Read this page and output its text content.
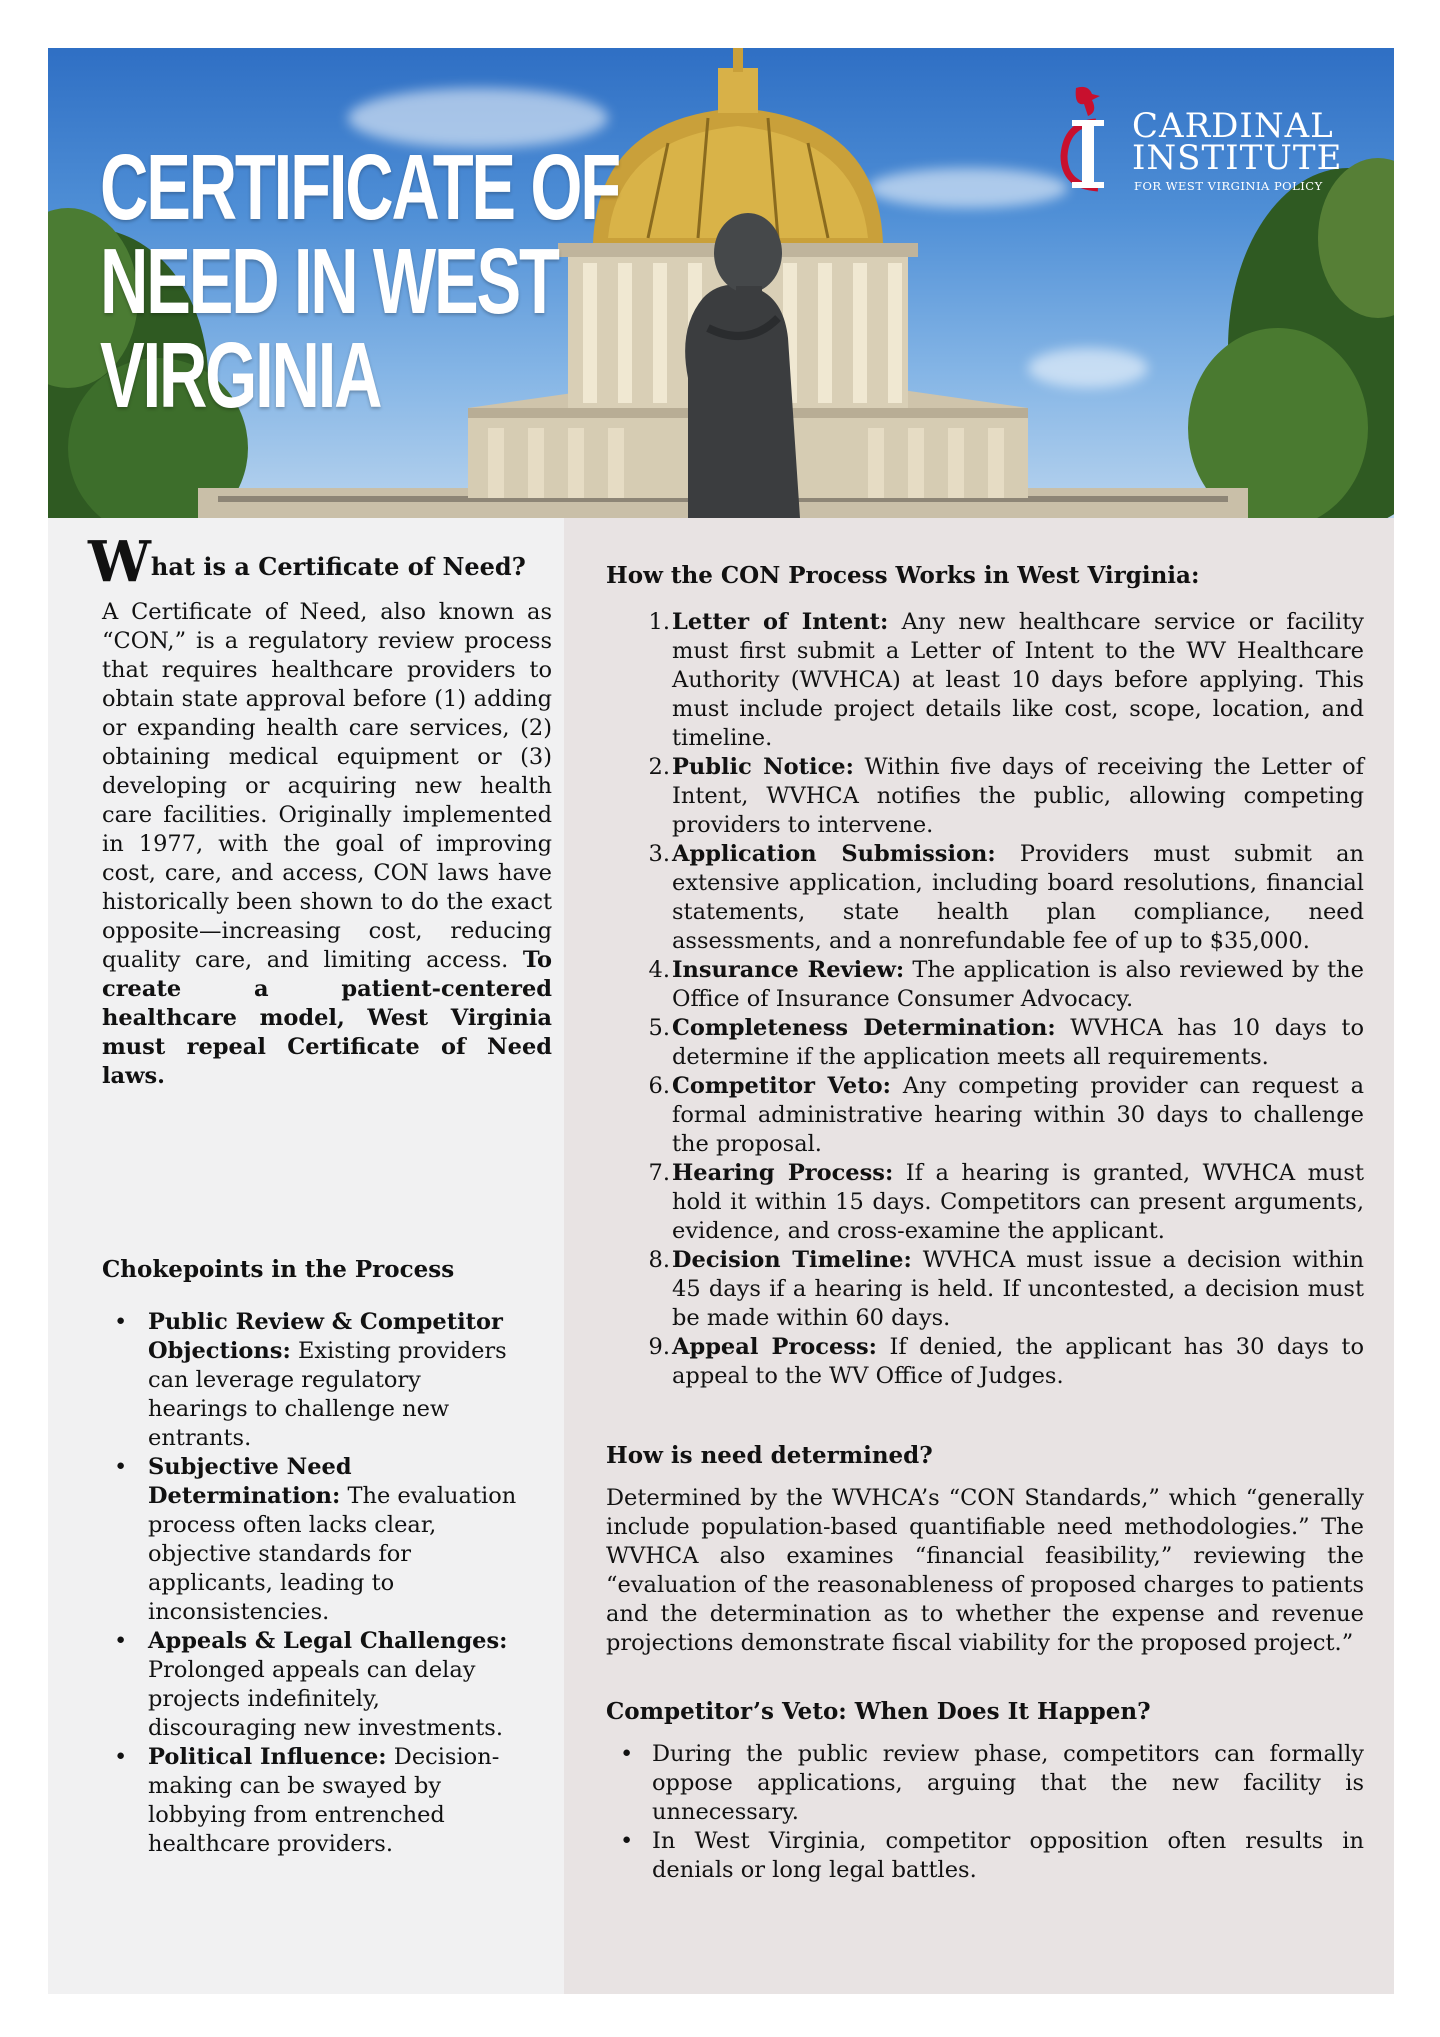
CERTIFICATE OF NEED IN WEST VIRGINIA
CARDINAL
INSTITUTE
FOR WEST VIRGINIA POLICY
What is a Certificate of Need?

A Certificate of Need, also known as “CON,” is a regulatory review process that requires healthcare providers to obtain state approval before (1) adding or expanding health care services, (2) obtaining medical equipment or (3) developing or acquiring new health care facilities. Originally implemented in 1977, with the goal of improving cost, care, and access, CON laws have historically been shown to do the exact opposite—increasing cost, reducing quality care, and limiting access. To create a patient-centered healthcare model, West Virginia must repeal Certificate of Need laws.

Chokepoints in the Process
• Public Review & Competitor Objections: Existing providers can leverage regulatory hearings to challenge new entrants.
• Subjective Need Determination: The evaluation process often lacks clear, objective standards for applicants, leading to inconsistencies.
• Appeals & Legal Challenges: Prolonged appeals can delay projects indefinitely, discouraging new investments.
• Political Influence: Decision-making can be swayed by lobbying from entrenched healthcare providers.
How the CON Process Works in West Virginia:
1. Letter of Intent: Any new healthcare service or facility must first submit a Letter of Intent to the WV Healthcare Authority (WVHCA) at least 10 days before applying. This must include project details like cost, scope, location, and timeline.
2. Public Notice: Within five days of receiving the Letter of Intent, WVHCA notifies the public, allowing competing providers to intervene.
3. Application Submission: Providers must submit an extensive application, including board resolutions, financial statements, state health plan compliance, need assessments, and a nonrefundable fee of up to $35,000.
4. Insurance Review: The application is also reviewed by the Office of Insurance Consumer Advocacy.
5. Completeness Determination: WVHCA has 10 days to determine if the application meets all requirements.
6. Competitor Veto: Any competing provider can request a formal administrative hearing within 30 days to challenge the proposal.
7. Hearing Process: If a hearing is granted, WVHCA must hold it within 15 days. Competitors can present arguments, evidence, and cross-examine the applicant.
8. Decision Timeline: WVHCA must issue a decision within 45 days if a hearing is held. If uncontested, a decision must be made within 60 days.
9. Appeal Process: If denied, the applicant has 30 days to appeal to the WV Office of Judges.
How is need determined?

Determined by the WVHCA’s “CON Standards,” which “generally include population-based quantifiable need methodologies.” The WVHCA also examines “financial feasibility,” reviewing the “evaluation of the reasonableness of proposed charges to patients and the determination as to whether the expense and revenue projections demonstrate fiscal viability for the proposed project.”

Competitor’s Veto: When Does It Happen?
• During the public review phase, competitors can formally oppose applications, arguing that the new facility is unnecessary.
• In West Virginia, competitor opposition often results in denials or long legal battles.
